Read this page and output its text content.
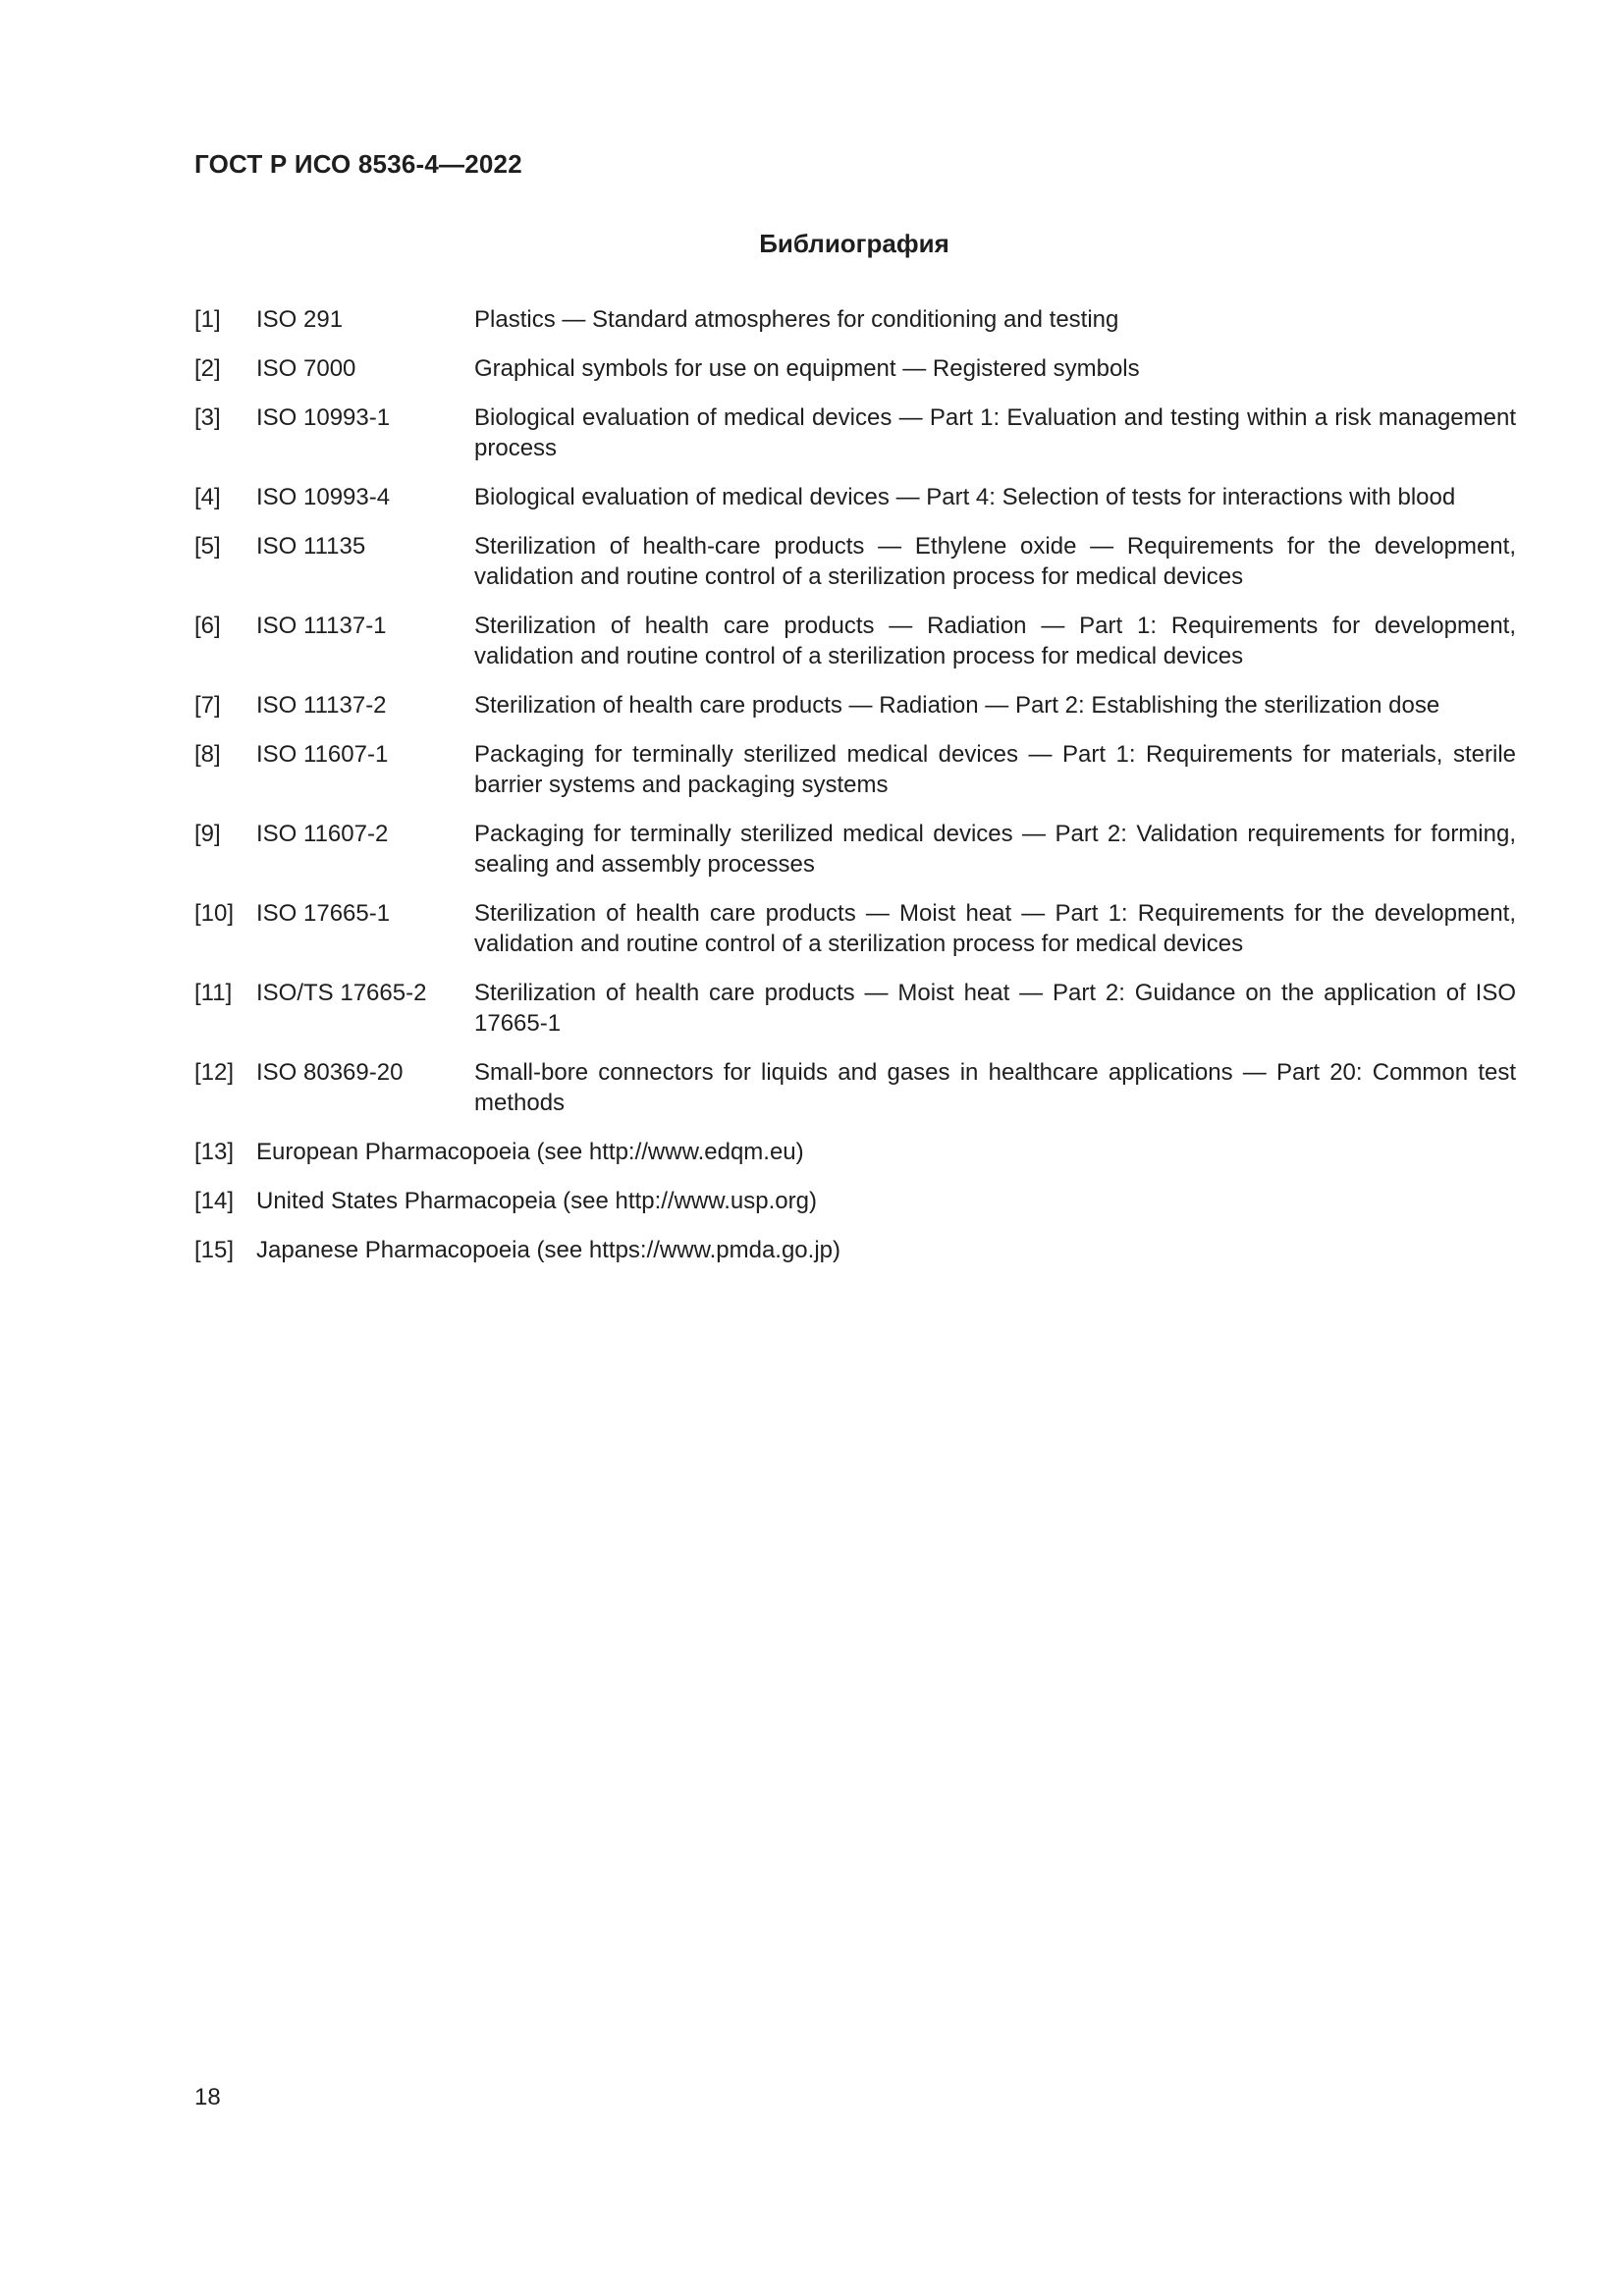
ГОСТ Р ИСО 8536-4—2022
Библиография
[1] ISO 291	Plastics — Standard atmospheres for conditioning and testing
[2] ISO 7000	Graphical symbols for use on equipment — Registered symbols
[3] ISO 10993-1	Biological evaluation of medical devices — Part 1: Evaluation and testing within a risk management process
[4] ISO 10993-4	Biological evaluation of medical devices — Part 4: Selection of tests for interactions with blood
[5] ISO 11135	Sterilization of health-care products — Ethylene oxide — Requirements for the development, validation and routine control of a sterilization process for medical devices
[6] ISO 11137-1	Sterilization of health care products — Radiation — Part 1: Requirements for development, validation and routine control of a sterilization process for medical devices
[7] ISO 11137-2	Sterilization of health care products — Radiation — Part 2: Establishing the sterilization dose
[8] ISO 11607-1	Packaging for terminally sterilized medical devices — Part 1: Requirements for materials, sterile barrier systems and packaging systems
[9] ISO 11607-2	Packaging for terminally sterilized medical devices — Part 2: Validation requirements for forming, sealing and assembly processes
[10] ISO 17665-1	Sterilization of health care products — Moist heat — Part 1: Requirements for the development, validation and routine control of a sterilization process for medical devices
[11] ISO/TS 17665-2 Sterilization of health care products — Moist heat — Part 2: Guidance on the application of ISO 17665-1
[12] ISO 80369-20	Small-bore connectors for liquids and gases in healthcare applications — Part 20: Common test methods
[13] European Pharmacopoeia (see http://www.edqm.eu)
[14] United States Pharmacopeia (see http://www.usp.org)
[15] Japanese Pharmacopoeia (see https://www.pmda.go.jp)
18
